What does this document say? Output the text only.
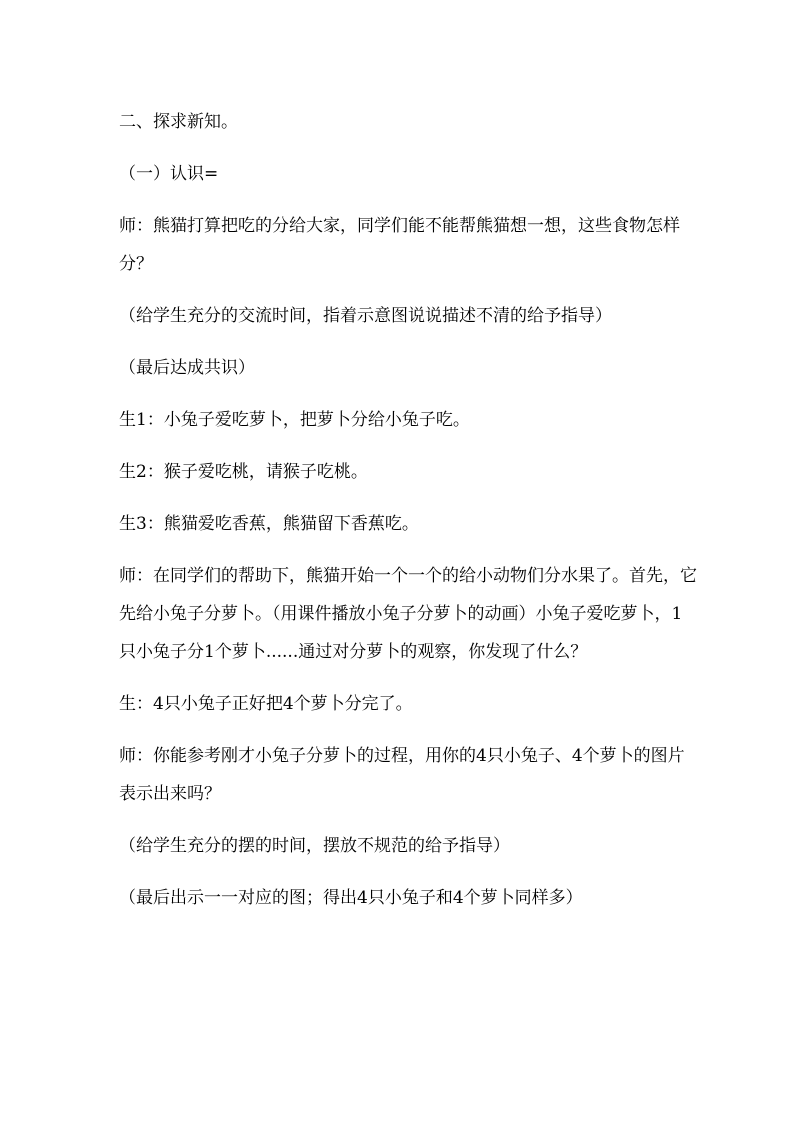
二、探求新知。

（一）认识=

师：熊猫打算把吃的分给大家，同学们能不能帮熊猫想一想，这些食物怎样分？

（给学生充分的交流时间，指着示意图说说描述不清的给予指导）

（最后达成共识）

生1：小兔子爱吃萝卜，把萝卜分给小兔子吃。

生2：猴子爱吃桃，请猴子吃桃。

生3：熊猫爱吃香蕉，熊猫留下香蕉吃。

师：在同学们的帮助下，熊猫开始一个一个的给小动物们分水果了。首先，它先给小兔子分萝卜。（用课件播放小兔子分萝卜的动画）小兔子爱吃萝卜，1只小兔子分1个萝卜......通过对分萝卜的观察，你发现了什么？

生：4只小兔子正好把4个萝卜分完了。

师：你能参考刚才小兔子分萝卜的过程，用你的4只小兔子、4个萝卜的图片表示出来吗？

（给学生充分的摆的时间，摆放不规范的给予指导）

（最后出示一一对应的图；得出4只小兔子和4个萝卜同样多）
